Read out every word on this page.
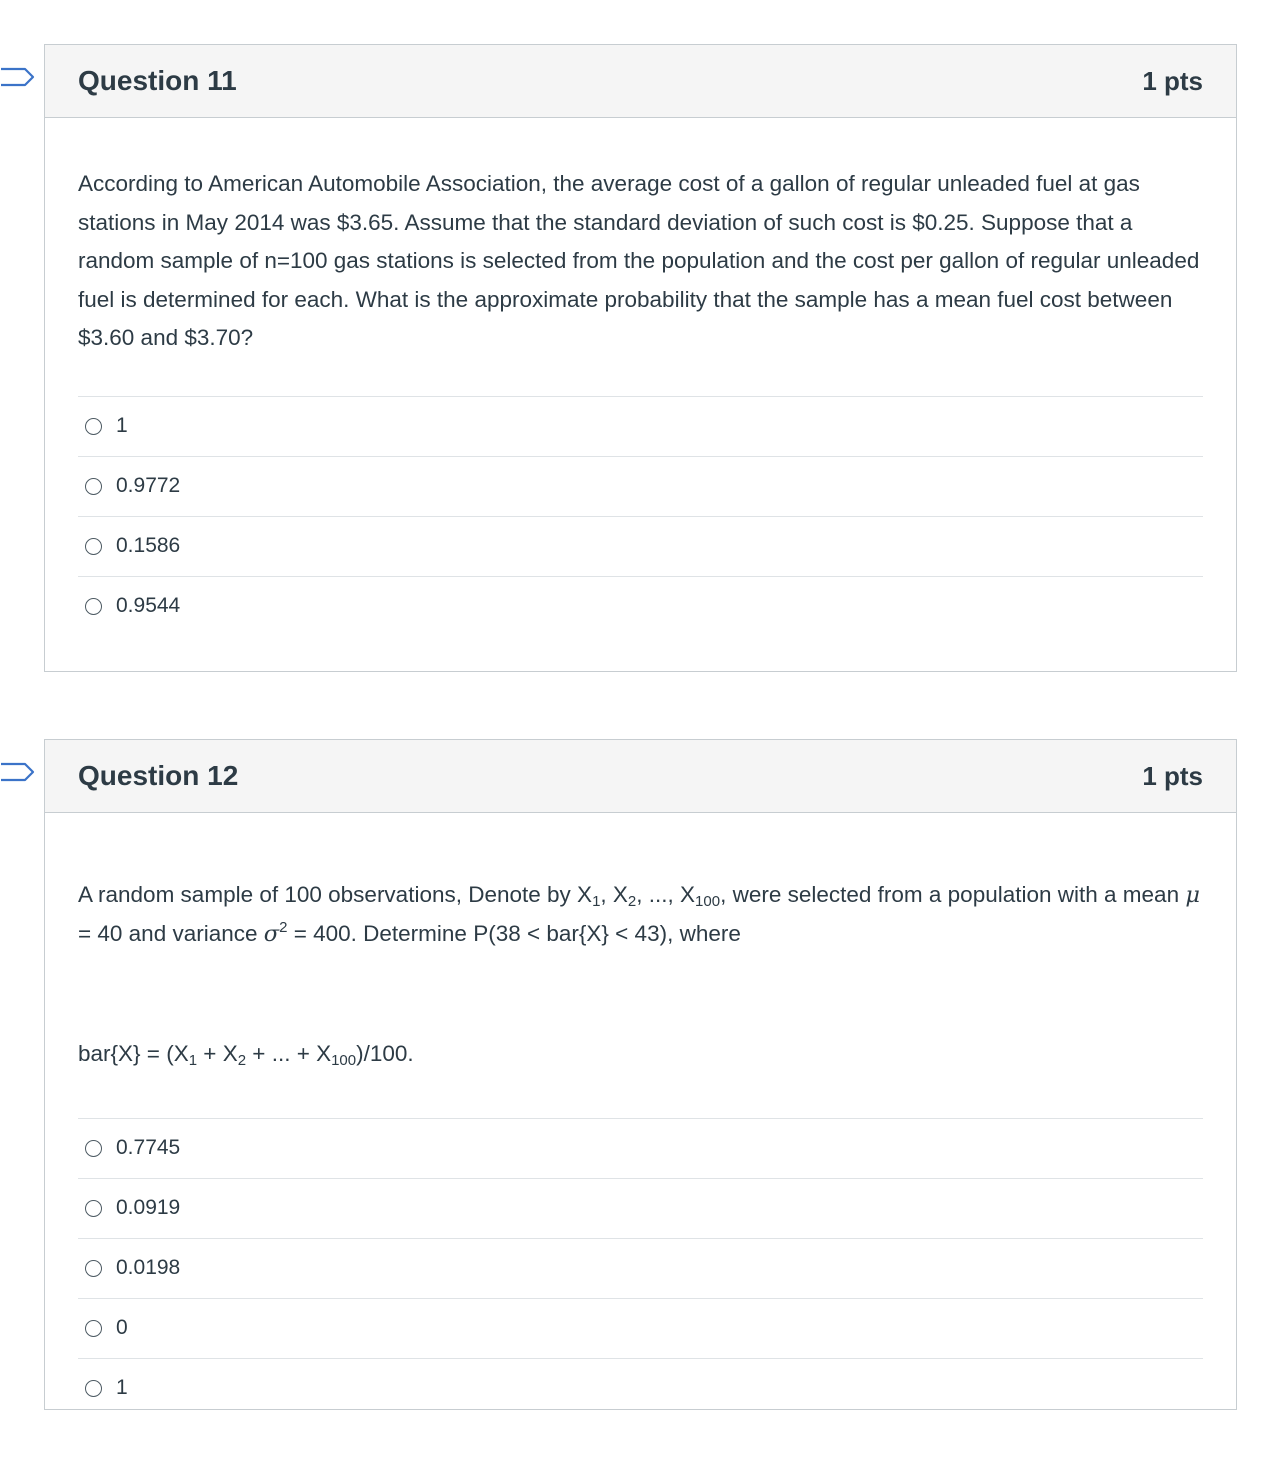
Question 11	1 pts

According to American Automobile Association, the average cost of a gallon of regular unleaded fuel at gas stations in May 2014 was $3.65. Assume that the standard deviation of such cost is $0.25. Suppose that a random sample of n=100 gas stations is selected from the population and the cost per gallon of regular unleaded fuel is determined for each. What is the approximate probability that the sample has a mean fuel cost between $3.60 and $3.70?

1
0.9772
0.1586
0.9544
Question 12	1 pts

A random sample of 100 observations, Denote by $X_1$, $X_2$, ..., $X_{100}$, were selected from a population with a mean μ = 40 and variance $\sigma^2 = 400$. Determine P(38 < bar{X} < 43), where

$bar\{X\} = (X_1 + X_2$ + ... + $X_{100})/100$.

0.7745
0.0919
0.0198
0
1
